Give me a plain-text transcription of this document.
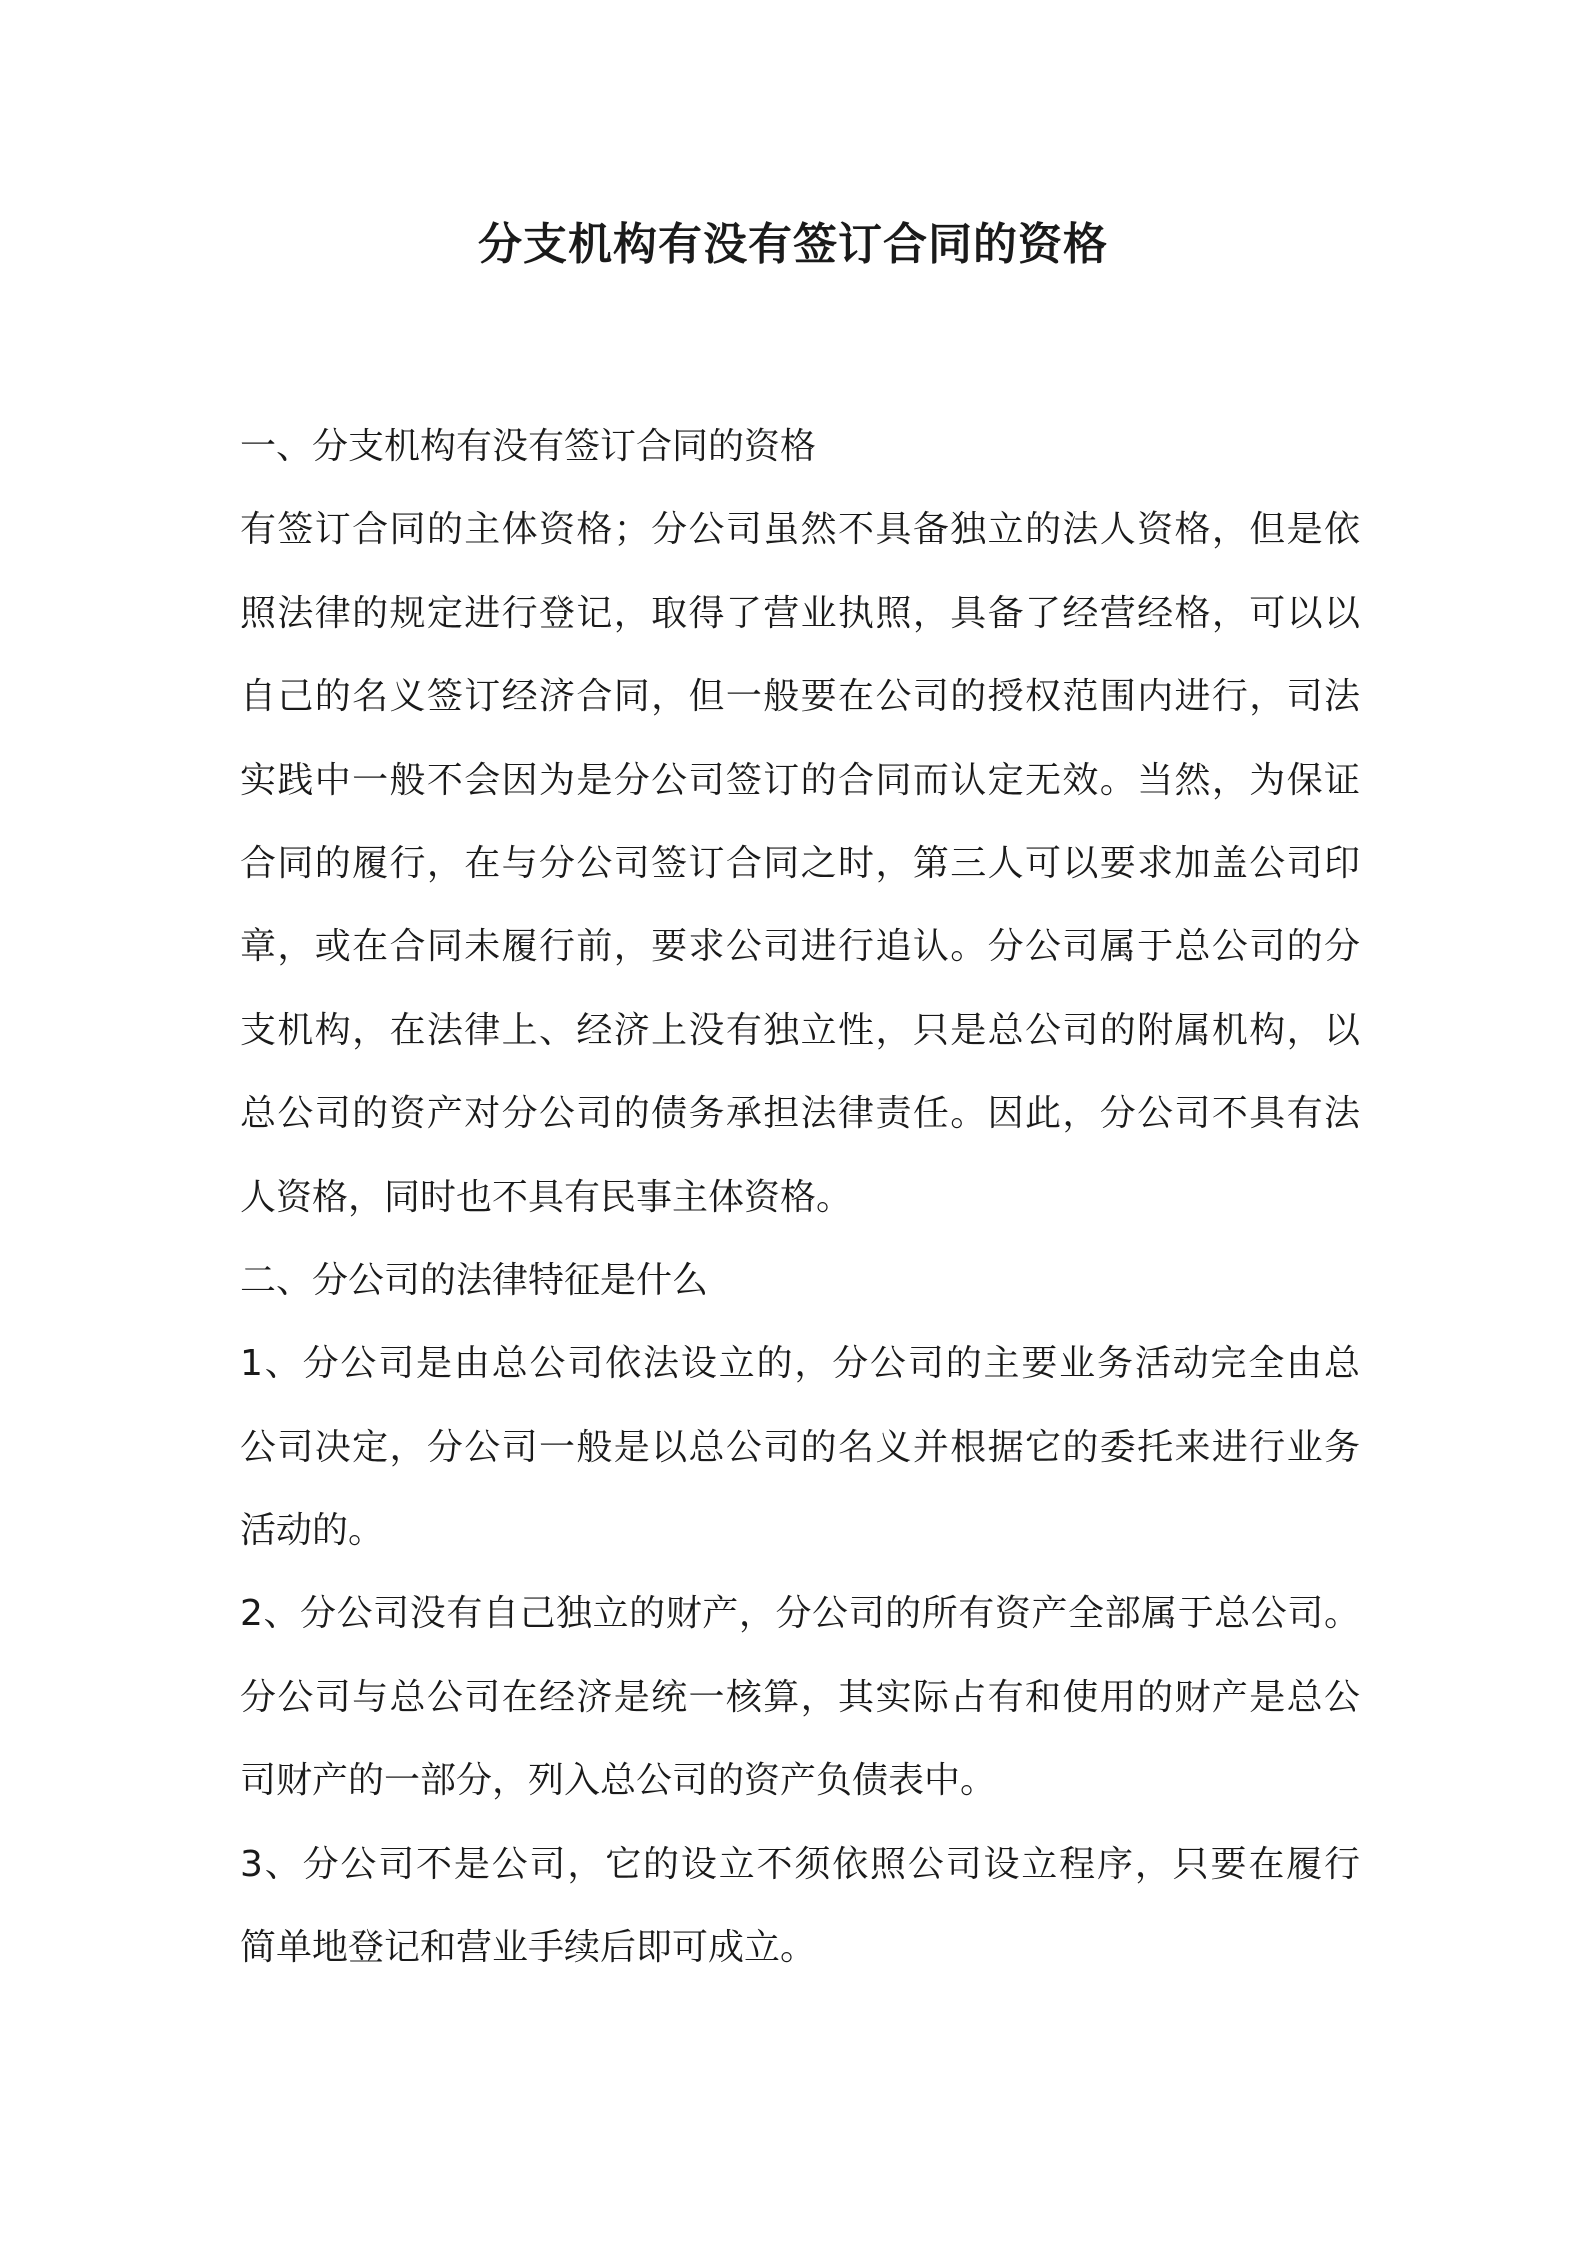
分支机构有没有签订合同的资格
一、分支机构有没有签订合同的资格
有签订合同的主体资格；分公司虽然不具备独立的法人资格，但是依
照法律的规定进行登记，取得了营业执照，具备了经营经格，可以以
自己的名义签订经济合同，但一般要在公司的授权范围内进行，司法
实践中一般不会因为是分公司签订的合同而认定无效。当然，为保证
合同的履行，在与分公司签订合同之时，第三人可以要求加盖公司印
章，或在合同未履行前，要求公司进行追认。分公司属于总公司的分
支机构，在法律上、经济上没有独立性，只是总公司的附属机构，以
总公司的资产对分公司的债务承担法律责任。因此，分公司不具有法
人资格，同时也不具有民事主体资格。
二、分公司的法律特征是什么
1、分公司是由总公司依法设立的，分公司的主要业务活动完全由总
公司决定，分公司一般是以总公司的名义并根据它的委托来进行业务
活动的。
2、分公司没有自己独立的财产，分公司的所有资产全部属于总公司。
分公司与总公司在经济是统一核算，其实际占有和使用的财产是总公
司财产的一部分，列入总公司的资产负债表中。
3、分公司不是公司，它的设立不须依照公司设立程序，只要在履行
简单地登记和营业手续后即可成立。
